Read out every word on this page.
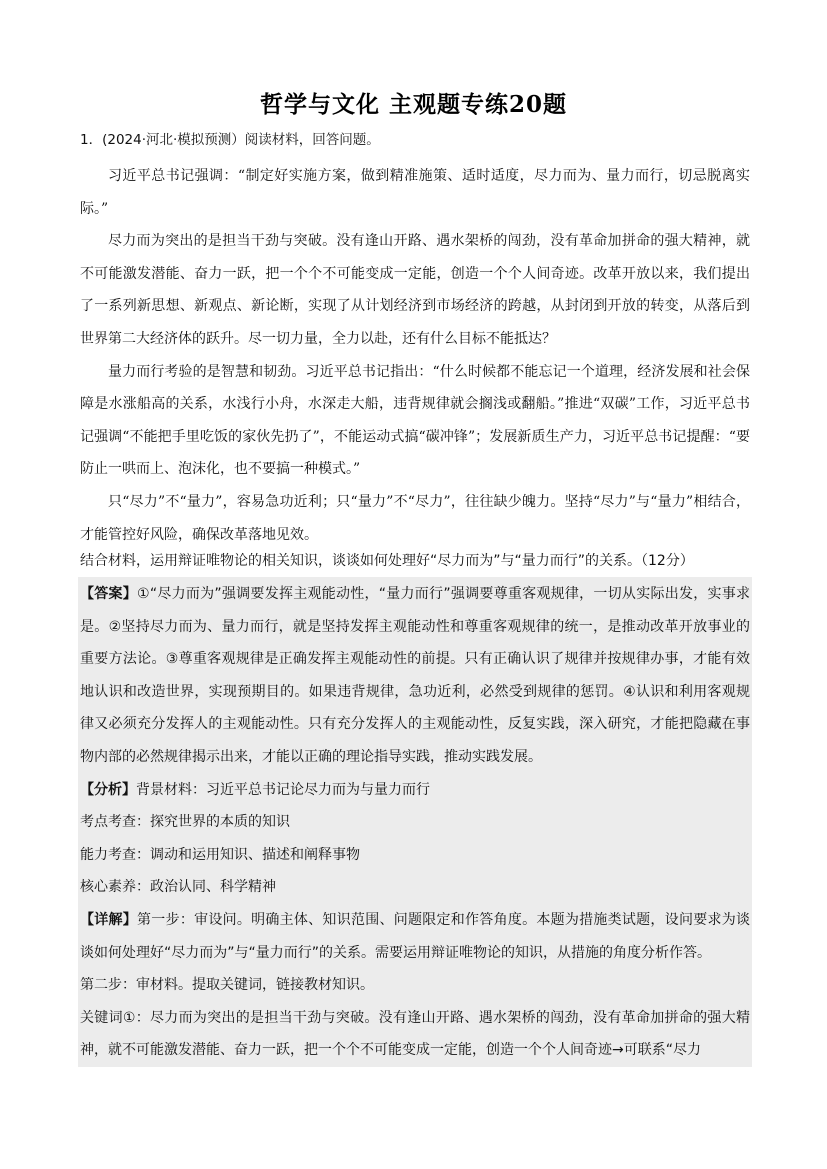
哲学与文化 主观题专练20题
1．(2024·河北·模拟预测）阅读材料，回答问题。

习近平总书记强调：“制定好实施方案，做到精准施策、适时适度，尽力而为、量力而行，切忌脱离实际。”

尽力而为突出的是担当干劲与突破。没有逢山开路、遇水架桥的闯劲，没有革命加拼命的强大精神，就不可能激发潜能、奋力一跃，把一个个不可能变成一定能，创造一个个人间奇迹。改革开放以来，我们提出了一系列新思想、新观点、新论断，实现了从计划经济到市场经济的跨越，从封闭到开放的转变，从落后到世界第二大经济体的跃升。尽一切力量，全力以赴，还有什么目标不能抵达？

量力而行考验的是智慧和韧劲。习近平总书记指出：“什么时候都不能忘记一个道理，经济发展和社会保障是水涨船高的关系，水浅行小舟，水深走大船，违背规律就会搁浅或翻船。”推进“双碳”工作，习近平总书记强调“不能把手里吃饭的家伙先扔了”，不能运动式搞“碳冲锋”；发展新质生产力，习近平总书记提醒：“要防止一哄而上、泡沫化，也不要搞一种模式。”

只“尽力”不“量力”，容易急功近利；只“量力”不“尽力”，往往缺少魄力。坚持“尽力”与“量力”相结合，才能管控好风险，确保改革落地见效。

结合材料，运用辩证唯物论的相关知识，谈谈如何处理好“尽力而为”与“量力而行”的关系。（12分）

【答案】①“尽力而为”强调要发挥主观能动性，“量力而行”强调要尊重客观规律，一切从实际出发，实事求是。②坚持尽力而为、量力而行，就是坚持发挥主观能动性和尊重客观规律的统一，是推动改革开放事业的重要方法论。③尊重客观规律是正确发挥主观能动性的前提。只有正确认识了规律并按规律办事，才能有效地认识和改造世界，实现预期目的。如果违背规律，急功近利，必然受到规律的惩罚。④认识和利用客观规律又必须充分发挥人的主观能动性。只有充分发挥人的主观能动性，反复实践，深入研究，才能把隐藏在事物内部的必然规律揭示出来，才能以正确的理论指导实践，推动实践发展。

【分析】背景材料：习近平总书记论尽力而为与量力而行

考点考查：探究世界的本质的知识

能力考查：调动和运用知识、描述和阐释事物

核心素养：政治认同、科学精神

【详解】第一步：审设问。明确主体、知识范围、问题限定和作答角度。本题为措施类试题，设问要求为谈谈如何处理好“尽力而为”与“量力而行”的关系。需要运用辩证唯物论的知识，从措施的角度分析作答。

第二步：审材料。提取关键词，链接教材知识。

关键词①：尽力而为突出的是担当干劲与突破。没有逢山开路、遇水架桥的闯劲，没有革命加拼命的强大精神，就不可能激发潜能、奋力一跃，把一个个不可能变成一定能，创造一个个人间奇迹→可联系“尽力
